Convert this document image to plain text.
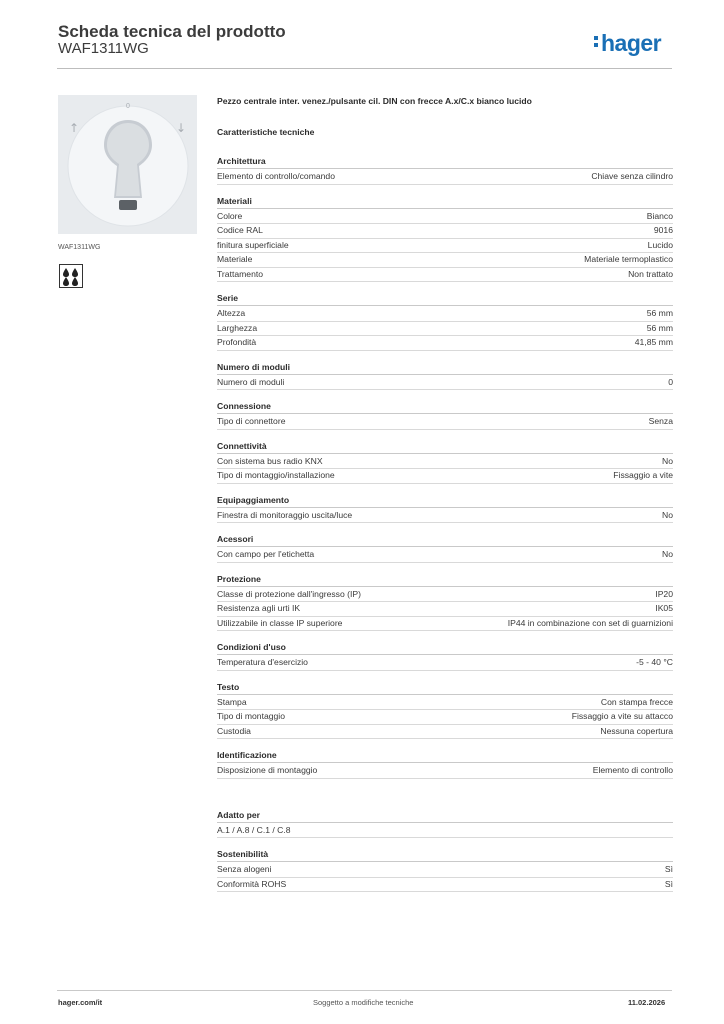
Scheda tecnica del prodotto
WAF1311WG	hager
0
↑	↓
WAF1311WG
Pezzo centrale inter. venez./pulsante cil. DIN con frecce A.x/C.x bianco lucido
Caratteristiche tecniche
Architettura
Elemento di controllo/comando	Chiave senza cilindro
Materiali
Colore	Bianco
Codice RAL	9016
finitura superficiale	Lucido
Materiale	Materiale termoplastico
Trattamento	Non trattato
Serie
Altezza	56 mm
Larghezza	56 mm
Profondità	41,85 mm
Numero di moduli
Numero di moduli	0
Connessione
Tipo di connettore	Senza
Connettività
Con sistema bus radio KNX	No
Tipo di montaggio/installazione	Fissaggio a vite
Equipaggiamento
Finestra di monitoraggio uscita/luce	No
Acessori
Con campo per l'etichetta	No
Protezione
Classe di protezione dall'ingresso (IP)	IP20
Resistenza agli urti IK	IK05
Utilizzabile in classe IP superiore	IP44 in combinazione con set di guarnizioni
Condizioni d'uso
Temperatura d'esercizio	-5 - 40 °C
Testo
Stampa	Con stampa frecce
Tipo di montaggio	Fissaggio a vite su attacco
Custodia	Nessuna copertura
Identificazione
Disposizione di montaggio	Elemento di controllo
Adatto per
A.1 / A.8 / C.1 / C.8
Sostenibilità
Senza alogeni	Sì
Conformità ROHS	Sì
hager.com/it	Soggetto a modifiche tecniche	11.02.2026
